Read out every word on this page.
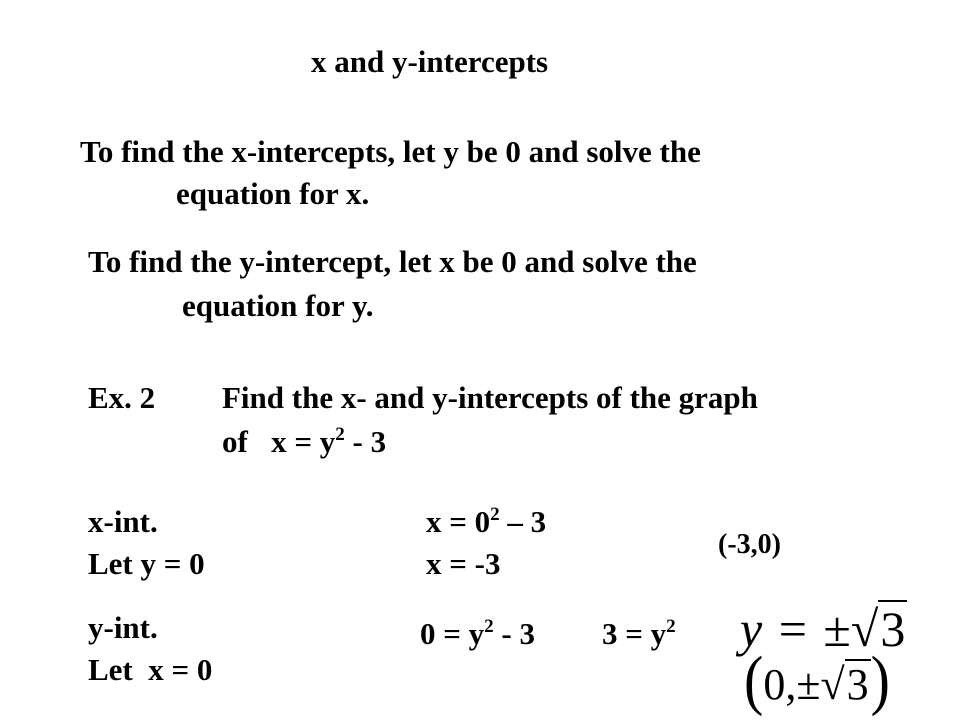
x and y-intercepts
To find the x-intercepts, let y be 0 and solve the
equation for x.
To find the y-intercept, let x be 0 and solve the
equation for y.
Ex. 2 Find the x- and y-intercepts of the graph
of   $x = y^2 - 3$
x-int.
Let y = 0
$x = 0^2 - 3$
x = -3
(-3,0)
y-int.
Let  x = 0
$0 = y^2 - 3$ $3 = y^2$ y = ±√3
(0,±√3)
